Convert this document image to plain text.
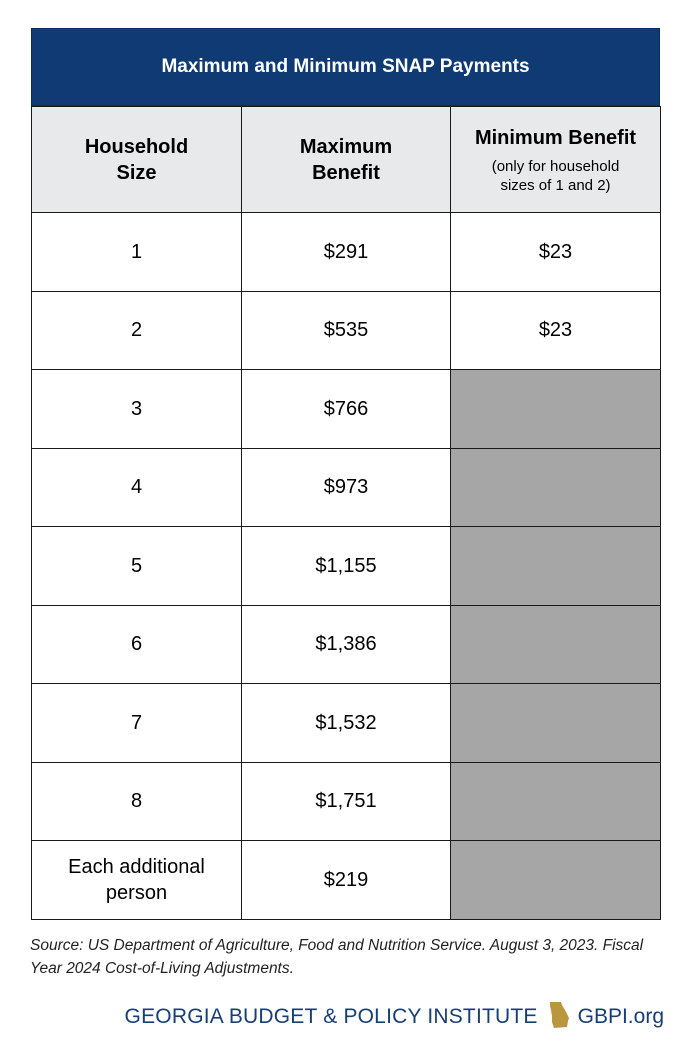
Maximum and Minimum SNAP Payments
Household Size	Maximum Benefit	Minimum Benefit
(only for household sizes of 1 and 2)

1	$291	$23
2	$535	$23
3	$766	
4	$973	
5	$1,155	
6	$1,386	
7	$1,532	
8	$1,751	
Each additional person	$219	
Source: US Department of Agriculture, Food and Nutrition Service. August 3, 2023. Fiscal Year 2024 Cost-of-Living Adjustments.
GEORGIA BUDGET & POLICY INSTITUTE GBPI.org
